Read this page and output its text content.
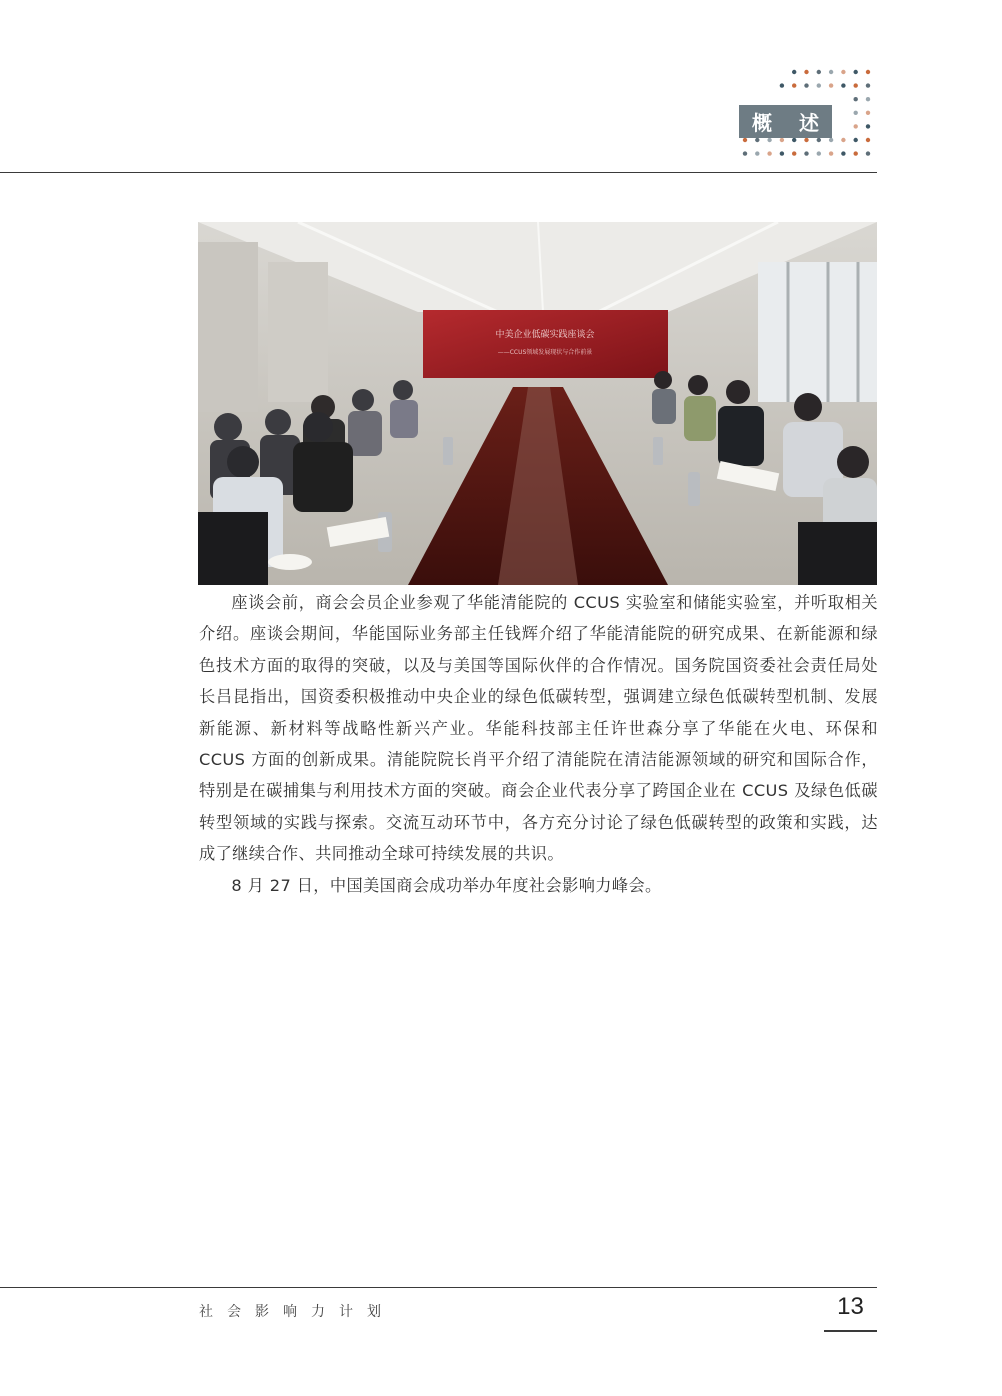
概 述
中美企业低碳实践座谈会
——CCUS领域发展现状与合作前景

座谈会前，商会会员企业参观了华能清能院的 CCUS 实验室和储能实验室，并听取相关介绍。座谈会期间，华能国际业务部主任钱辉介绍了华能清能院的研究成果、在新能源和绿色技术方面的取得的突破，以及与美国等国际伙伴的合作情况。国务院国资委社会责任局处长吕昆指出，国资委积极推动中央企业的绿色低碳转型，强调建立绿色低碳转型机制、发展新能源、新材料等战略性新兴产业。华能科技部主任许世森分享了华能在火电、环保和 CCUS 方面的创新成果。清能院院长肖平介绍了清能院在清洁能源领域的研究和国际合作，特别是在碳捕集与利用技术方面的突破。商会企业代表分享了跨国企业在 CCUS 及绿色低碳转型领域的实践与探索。交流互动环节中，各方充分讨论了绿色低碳转型的政策和实践，达成了继续合作、共同推动全球可持续发展的共识。

8 月 27 日，中国美国商会成功举办年度社会影响力峰会。

社会影响力计划	13
